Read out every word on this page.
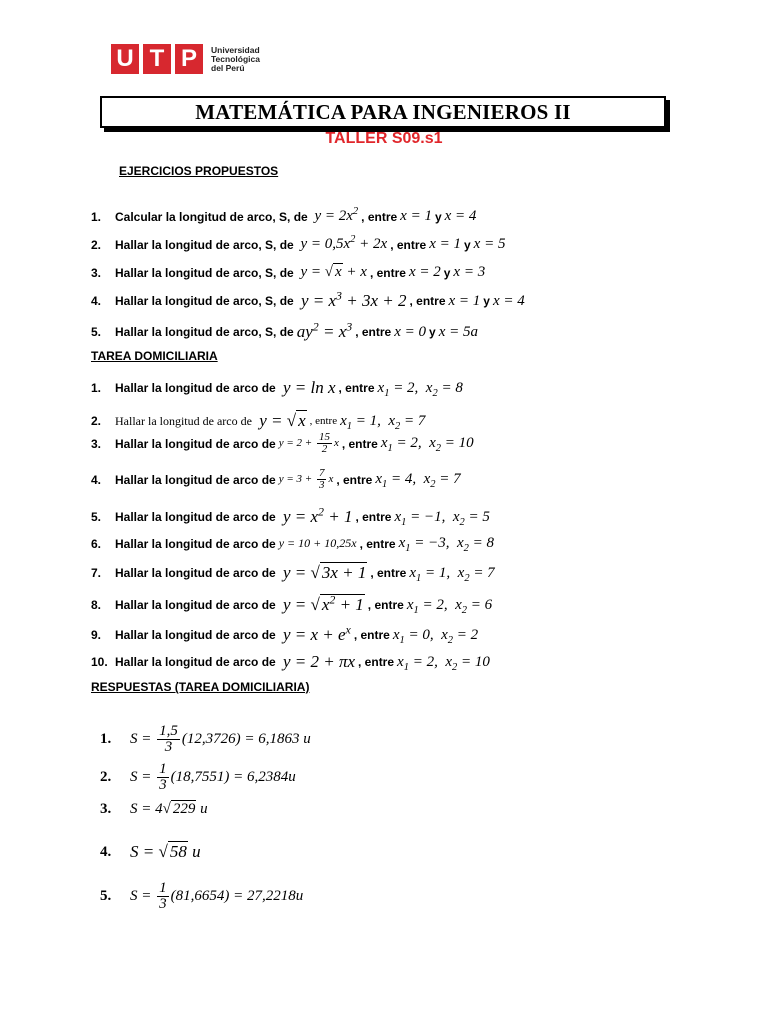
U T P	Universidad
Tecnológica
del Perú
MATEMÁTICA PARA INGENIEROS II
TALLER S09.s1
EJERCICIOS PROPUESTOS
1.	Calcular la longitud de arco, S, de $y = 2x^2$ , entre x = 1 y x = 4
2.	Hallar la longitud de arco, S, de $y = 0,5x^2 + 2x$ , entre x = 1 y x = 5
3.	Hallar la longitud de arco, S, de y = √ x + x , entre x = 2 y x = 3
4.	Hallar la longitud de arco, S, de $y = x^3 + 3x + 2$ , entre x = 1 y x = 4
5.	Hallar la longitud de arco, S, de $ay^2 = x^3$ , entre x = 0 y x = 5a
TAREA DOMICILIARIA
1.	Hallar la longitud de arco de y = ln x , entre $x_1 = 2$,  $x_2 = 8$
2.	Hallar la longitud de arco de y = √ x , entre $x_1 = 1$,  $x_2 = 7$
3.	Hallar la longitud de arco de $y = 2 + \frac{15}{2}$ x , entre $x_1 = 2$,  $x_2 = 10$
4.	Hallar la longitud de arco de $y = 3 + \frac{7}{3}$ x , entre $x_1 = 4$,  $x_2 = 7$
5.	Hallar la longitud de arco de $y = x^2 + 1$ , entre $x_1 = -1$,  $x_2 = 5$
6.	Hallar la longitud de arco de y = 10 + 10,25x , entre $x_1 = -3$,  $x_2 = 8$
7.	Hallar la longitud de arco de y = √ 3x + 1 , entre $x_1 = 1$,  $x_2 = 7$
8.	Hallar la longitud de arco de y = √ $x^2 + 1$ , entre $x_1 = 2$,  $x_2 = 6$
9.	Hallar la longitud de arco de $y = x + e^x$ , entre $x_1 = 0$,  $x_2 = 2$
10. Hallar la longitud de arco de y = 2 + πx , entre $x_1 = 2$,  $x_2 = 10$
RESPUESTAS (TAREA DOMICILIARIA)
1.	$S = \frac{1,5}{3} (12,3726) = 6,1863$ u
2.	$S = \frac{1}{3} (18,7551) = 6,2384u$
3.	S = 4√ 229 u
4.	S = √ 58 u
5.	$S = \frac{1}{3} (81,6654) = 27,2218u$
